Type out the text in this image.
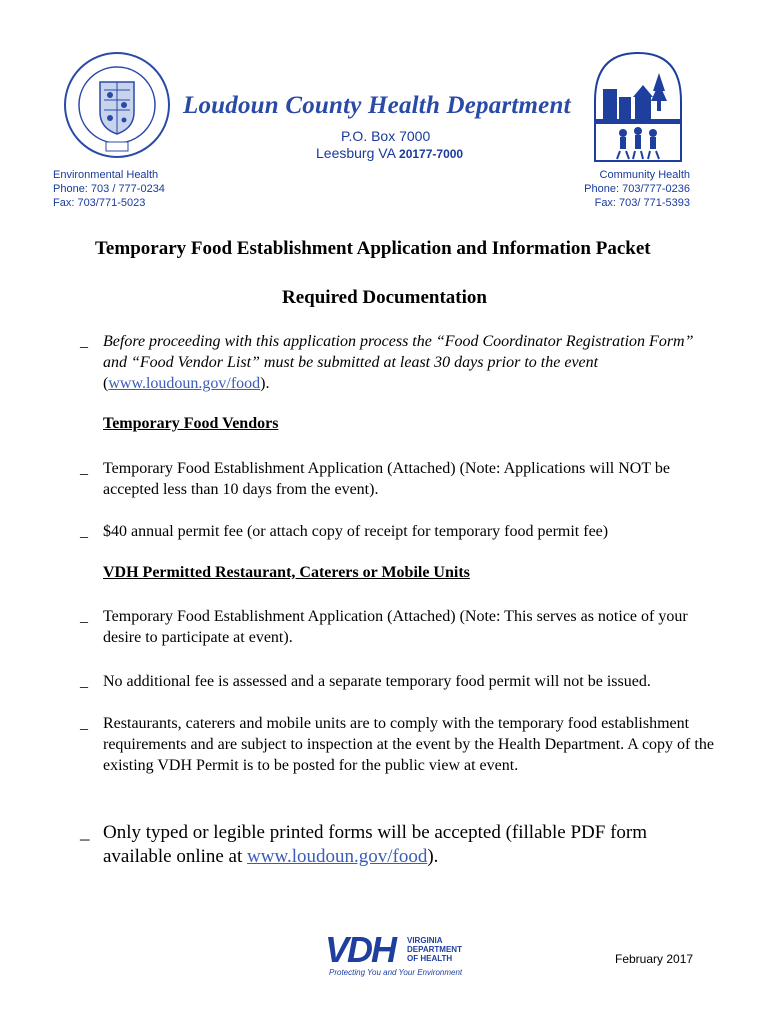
Loudoun County Health Department
P.O. Box 7000
Leesburg VA 20177-7000
Environmental Health
Phone: 703 / 777-0234
Fax: 703/771-5023
Community Health
Phone: 703/777-0236
Fax: 703/ 771-5393
Temporary Food Establishment Application and Information Packet
Required Documentation
_ Before proceeding with this application process the “Food Coordinator Registration Form” and “Food Vendor List” must be submitted at least 30 days prior to the event (www.loudoun.gov/food).
Temporary Food Vendors
_ Temporary Food Establishment Application (Attached) (Note: Applications will NOT be accepted less than 10 days from the event).
_ $40 annual permit fee (or attach copy of receipt for temporary food permit fee)
VDH Permitted Restaurant, Caterers or Mobile Units
_ Temporary Food Establishment Application (Attached) (Note: This serves as notice of your desire to participate at event).
_ No additional fee is assessed and a separate temporary food permit will not be issued.
_ Restaurants, caterers and mobile units are to comply with the temporary food establishment requirements and are subject to inspection at the event by the Health Department. A copy of the existing VDH Permit is to be posted for the public view at event.
_ Only typed or legible printed forms will be accepted (fillable PDF form available online at www.loudoun.gov/food).
VDH VIRGINIA
DEPARTMENT
OF HEALTH
Protecting You and Your Environment
February 2017
